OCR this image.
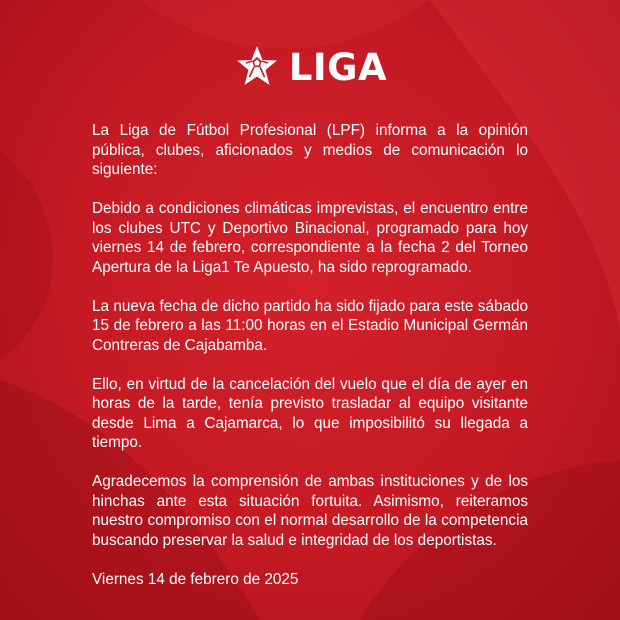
LIGA

La Liga de Fútbol Profesional (LPF) informa a la opinión pública, clubes, aficionados y medios de comunicación lo siguiente:

Debido a condiciones climáticas imprevistas, el encuentro entre los clubes UTC y Deportivo Binacional, programado para hoy viernes 14 de febrero, correspondiente a la fecha 2 del Torneo Apertura de la Liga1 Te Apuesto, ha sido reprogramado.

La nueva fecha de dicho partido ha sido fijado para este sábado 15 de febrero a las 11:00 horas en el Estadio Municipal Germán Contreras de Cajabamba.

Ello, en virtud de la cancelación del vuelo que el día de ayer en horas de la tarde, tenía previsto trasladar al equipo visitante desde Lima a Cajamarca, lo que imposibilitó su llegada a tiempo.

Agradecemos la comprensión de ambas instituciones y de los hinchas ante esta situación fortuita. Asimismo, reiteramos nuestro compromiso con el normal desarrollo de la competencia buscando preservar la salud e integridad de los deportistas.

Viernes 14 de febrero de 2025
